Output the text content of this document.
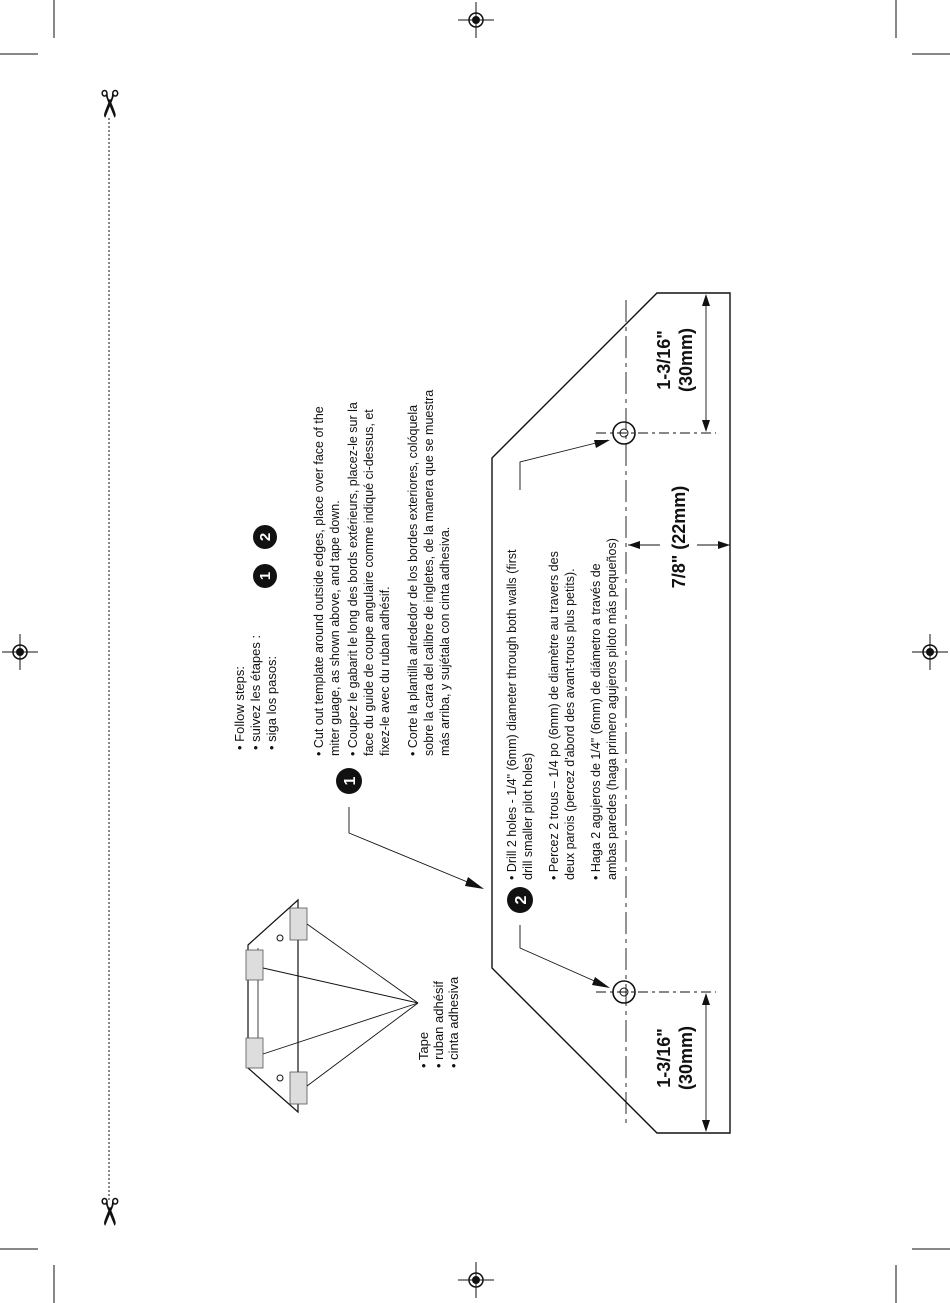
✂
✂
• Tape • ruban adhésif • cinta adhesiva
• Follow steps: • suivez les étapes : • siga los pasos:
1
2
1
• Cut out template around outside edges, place over face of the miter guage, as shown above, and tape down. • Coupez le gabarit le long des bords extérieurs, placez-le sur la face du guide de coupe angulaire comme indiqué ci-dessus, et fixez-le avec du ruban adhésif. • Corte la plantilla alrededor de los bordes exteriores, colóquela sobre la cara del calibre de ingletes, de la manera que se muestra más arriba, y sujétala con cinta adhesiva.
2
• Drill 2 holes - 1/4" (6mm) diameter through both walls (first drill smaller pilot holes) • Percez 2 trous – 1/4 po (6mm) de diamètre au travers des deux parois (percez d'abord des avant-trous plus petits). • Haga 2 agujeros de 1/4" (6mm) de diámetro a través de ambas paredes (haga primero agujeros piloto más pequeños)
1-3/16" (30mm)
1-3/16" (30mm)
7/8" (22mm)
